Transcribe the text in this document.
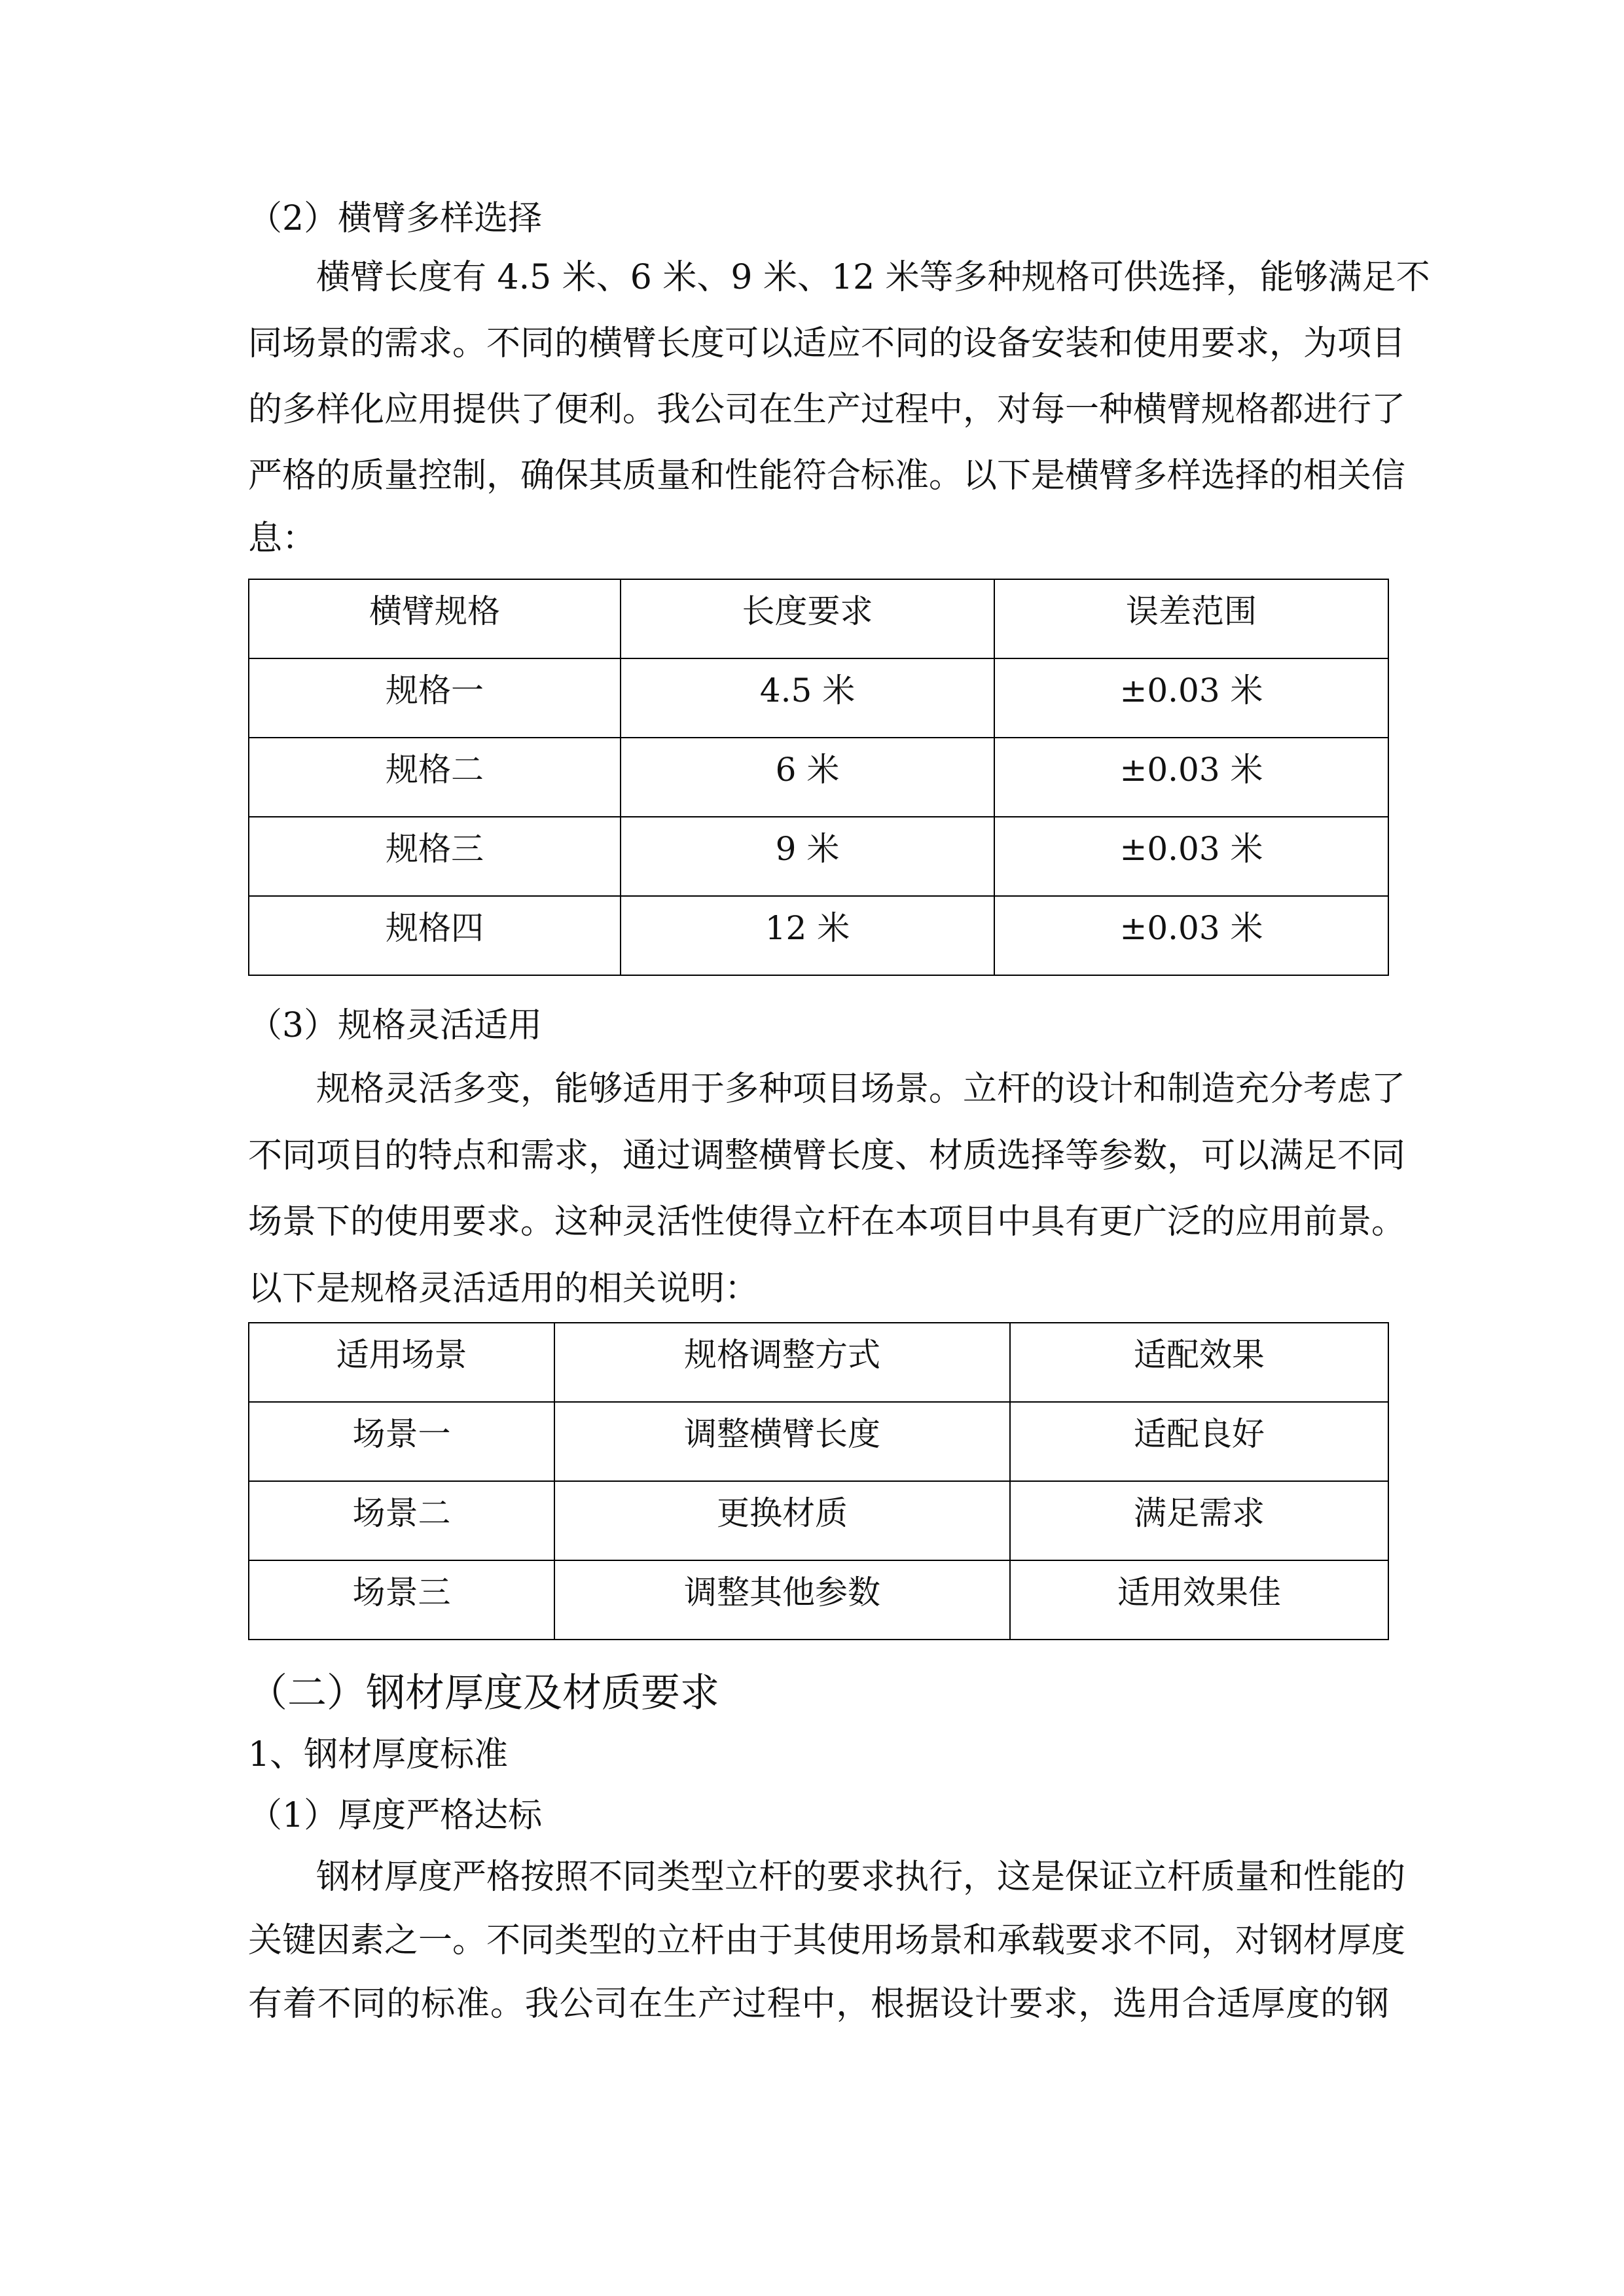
（2）横臂多样选择
横臂长度有 4.5 米、6 米、9 米、12 米等多种规格可供选择，能够满足不
同场景的需求。不同的横臂长度可以适应不同的设备安装和使用要求，为项目
的多样化应用提供了便利。我公司在生产过程中，对每一种横臂规格都进行了
严格的质量控制，确保其质量和性能符合标准。以下是横臂多样选择的相关信
息：
横臂规格	长度要求	误差范围
规格一	4.5 米	±0.03 米
规格二	6 米	±0.03 米
规格三	9 米	±0.03 米
规格四	12 米	±0.03 米
（3）规格灵活适用
规格灵活多变，能够适用于多种项目场景。立杆的设计和制造充分考虑了
不同项目的特点和需求，通过调整横臂长度、材质选择等参数，可以满足不同
场景下的使用要求。这种灵活性使得立杆在本项目中具有更广泛的应用前景。
以下是规格灵活适用的相关说明：
适用场景	规格调整方式	适配效果
场景一	调整横臂长度	适配良好
场景二	更换材质	满足需求
场景三	调整其他参数	适用效果佳
（二）钢材厚度及材质要求
1、钢材厚度标准
（1）厚度严格达标
钢材厚度严格按照不同类型立杆的要求执行，这是保证立杆质量和性能的
关键因素之一。不同类型的立杆由于其使用场景和承载要求不同，对钢材厚度
有着不同的标准。我公司在生产过程中，根据设计要求，选用合适厚度的钢
